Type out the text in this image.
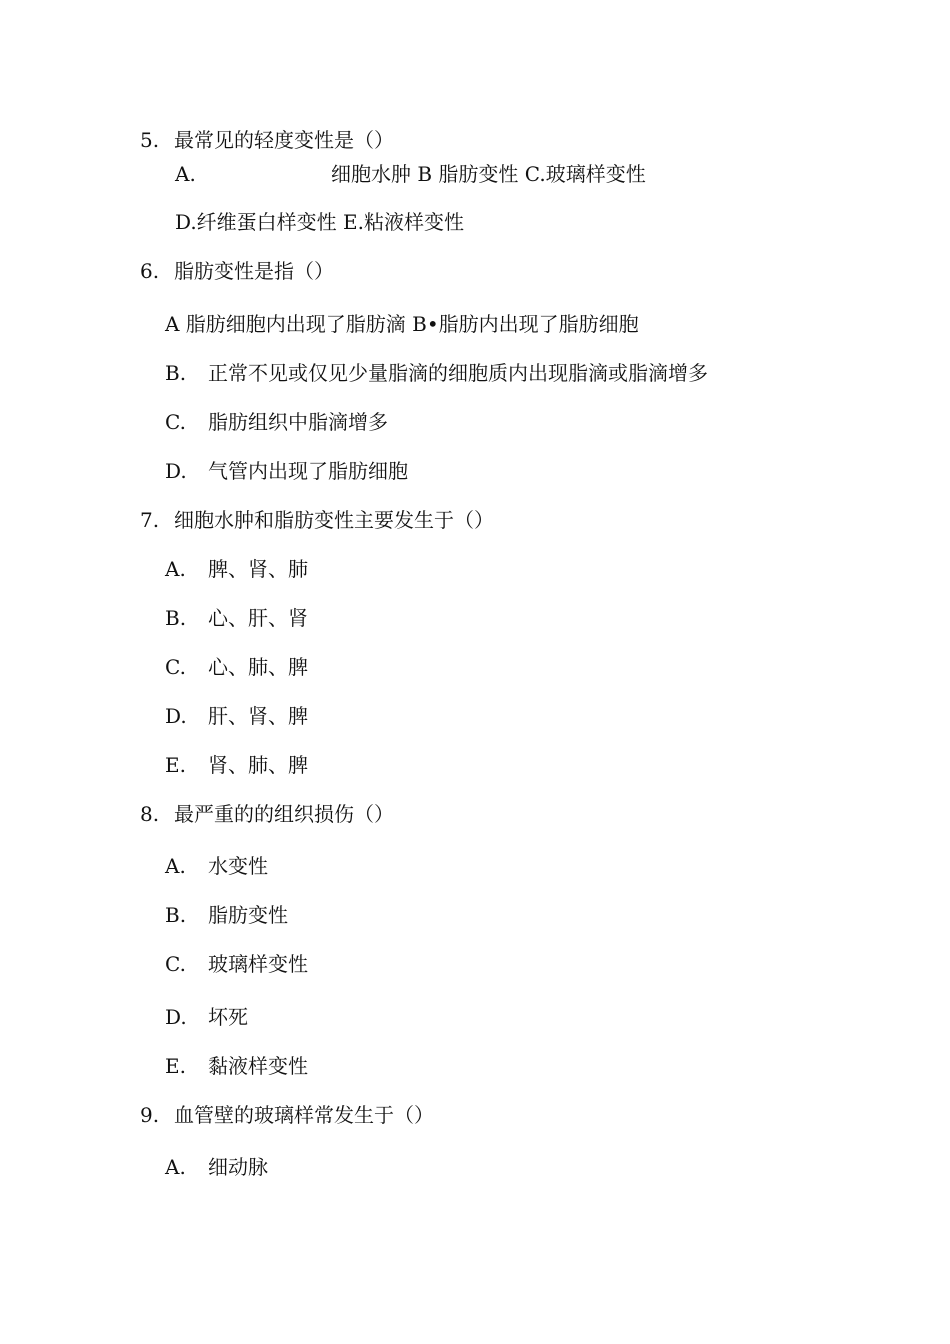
5. 最常见的轻度变性是（）
A.	细胞水肿 B 脂肪变性 C.玻璃样变性
D.纤维蛋白样变性 E.粘液样变性
6. 脂肪变性是指（）
A 脂肪细胞内出现了脂肪滴 B•脂肪内出现了脂肪细胞
B. 正常不见或仅见少量脂滴的细胞质内出现脂滴或脂滴增多
C. 脂肪组织中脂滴增多
D. 气管内出现了脂肪细胞
7. 细胞水肿和脂肪变性主要发生于（）
A. 脾、肾、肺
B. 心、肝、肾
C. 心、肺、脾
D. 肝、肾、脾
E. 肾、肺、脾
8. 最严重的的组织损伤（）
A. 水变性
B. 脂肪变性
C. 玻璃样变性
D. 坏死
E. 黏液样变性
9. 血管壁的玻璃样常发生于（）
A. 细动脉
